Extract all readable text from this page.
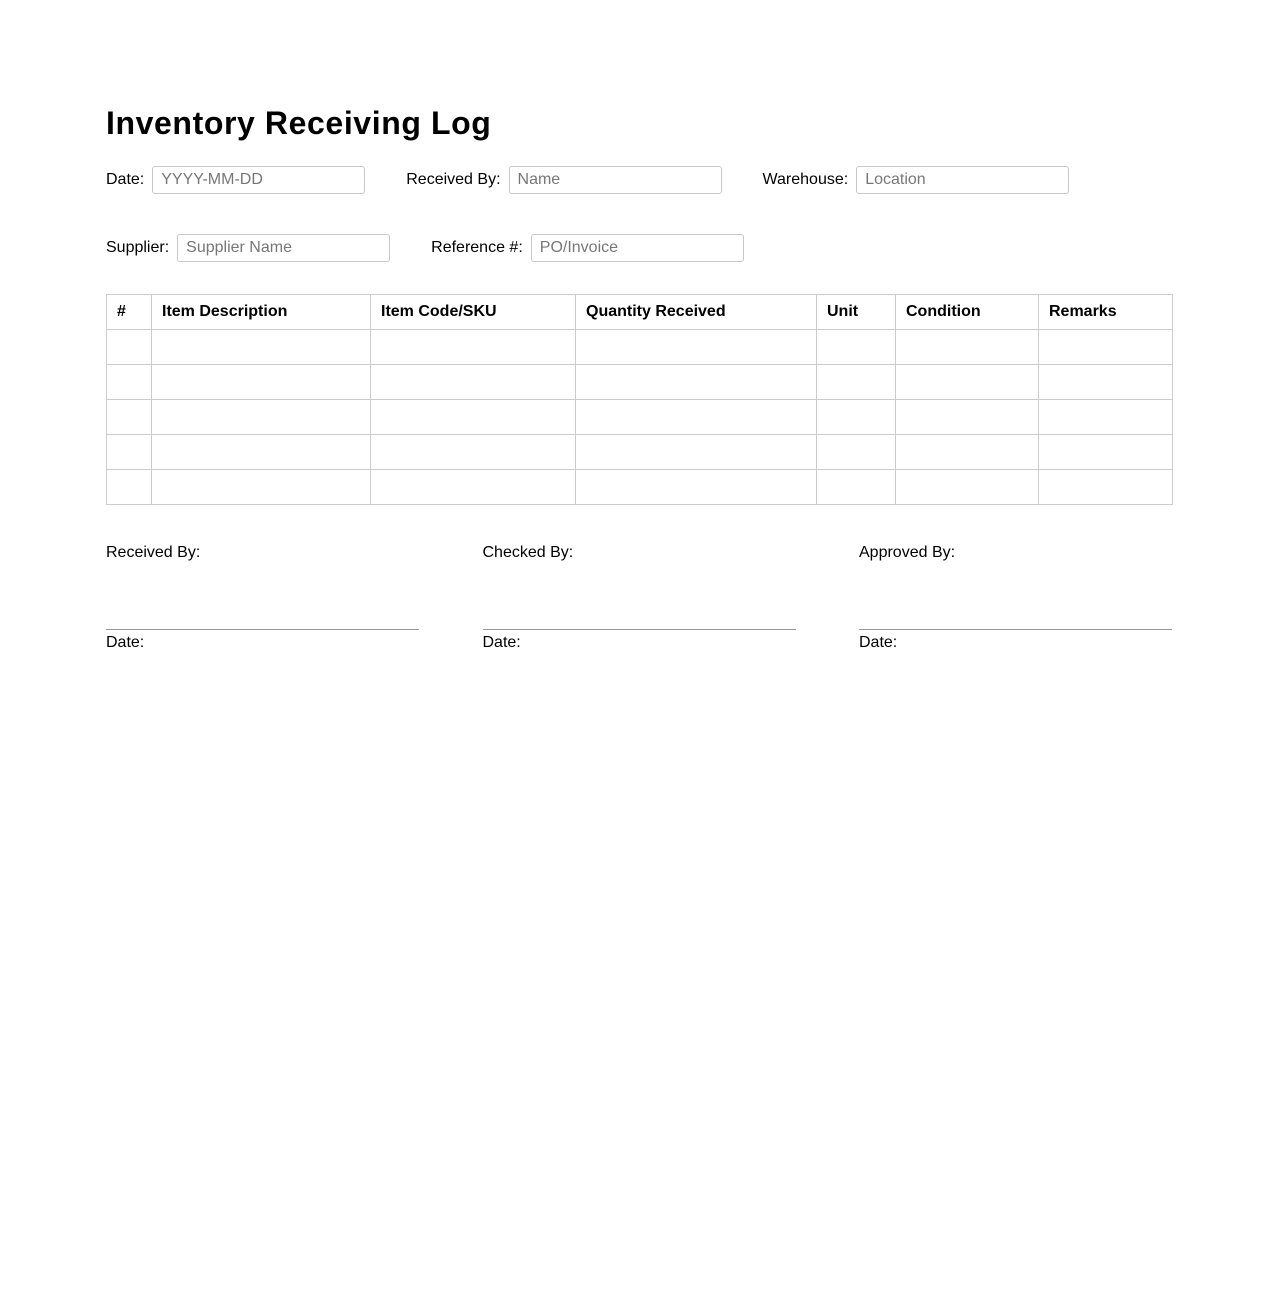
Inventory Receiving Log
Date:
YYYY-MM-DD	Received By:
Name	Warehouse:
Location
Supplier:
Supplier Name	Reference #:
PO/Invoice
#	Item Description	Item Code/SKU	Quantity Received	Unit	Condition	Remarks

Received By:
Date:
Checked By:
Date:
Approved By:
Date:
